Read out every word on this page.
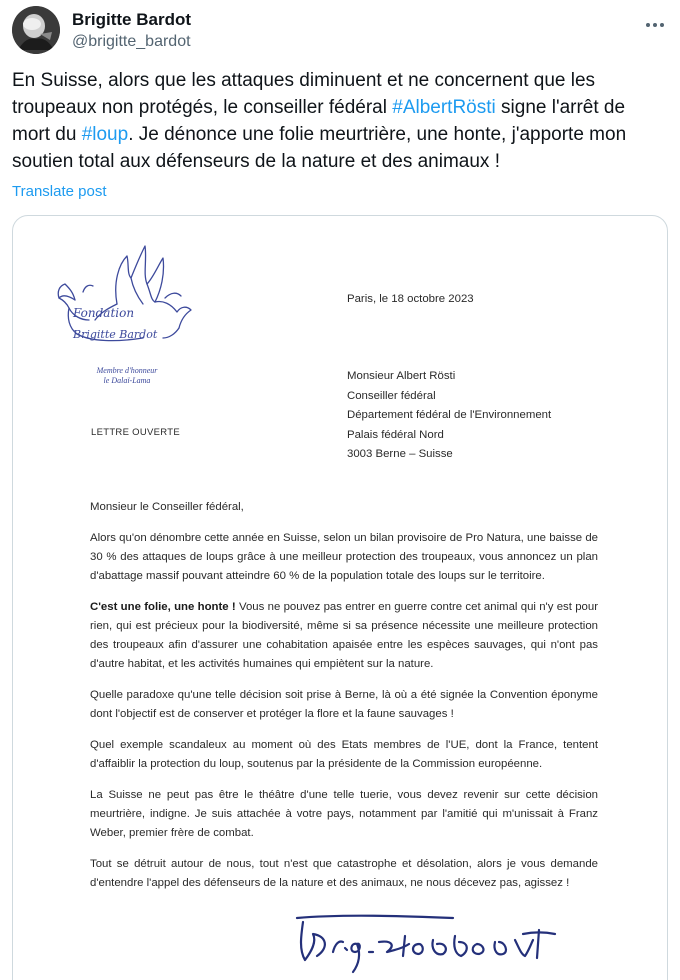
Brigitte Bardot
@brigitte_bardot
En Suisse, alors que les attaques diminuent et ne concernent que les troupeaux non protégés, le conseiller fédéral #AlbertRösti signe l'arrêt de mort du #loup. Je dénonce une folie meurtrière, une honte, j'apporte mon soutien total aux défenseurs de la nature et des animaux !
Translate post
Fondation
Brigitte Bardot
Membre d'honneur
le Dalaï-Lama
Paris, le 18 octobre 2023
Monsieur Albert Rösti
Conseiller fédéral
Département fédéral de l'Environnement
Palais fédéral Nord
3003 Berne – Suisse
LETTRE OUVERTE

Monsieur le Conseiller fédéral,

Alors qu'on dénombre cette année en Suisse, selon un bilan provisoire de Pro Natura, une baisse de 30 % des attaques de loups grâce à une meilleur protection des troupeaux, vous annoncez un plan d'abattage massif pouvant atteindre 60 % de la population totale des loups sur le territoire.

C'est une folie, une honte ! Vous ne pouvez pas entrer en guerre contre cet animal qui n'y est pour rien, qui est précieux pour la biodiversité, même si sa présence nécessite une meilleure protection des troupeaux afin d'assurer une cohabitation apaisée entre les espèces sauvages, qui n'ont pas d'autre habitat, et les activités humaines qui empiètent sur la nature.

Quelle paradoxe qu'une telle décision soit prise à Berne, là où a été signée la Convention éponyme dont l'objectif est de conserver et protéger la flore et la faune sauvages !

Quel exemple scandaleux au moment où des Etats membres de l'UE, dont la France, tentent d'affaiblir la protection du loup, soutenus par la présidente de la Commission européenne.

La Suisse ne peut pas être le théâtre d'une telle tuerie, vous devez revenir sur cette décision meurtrière, indigne. Je suis attachée à votre pays, notamment par l'amitié qui m'unissait à Franz Weber, premier frère de combat.

Tout se détruit autour de nous, tout n'est que catastrophe et désolation, alors je vous demande d'entendre l'appel des défenseurs de la nature et des animaux, ne nous décevez pas, agissez !
